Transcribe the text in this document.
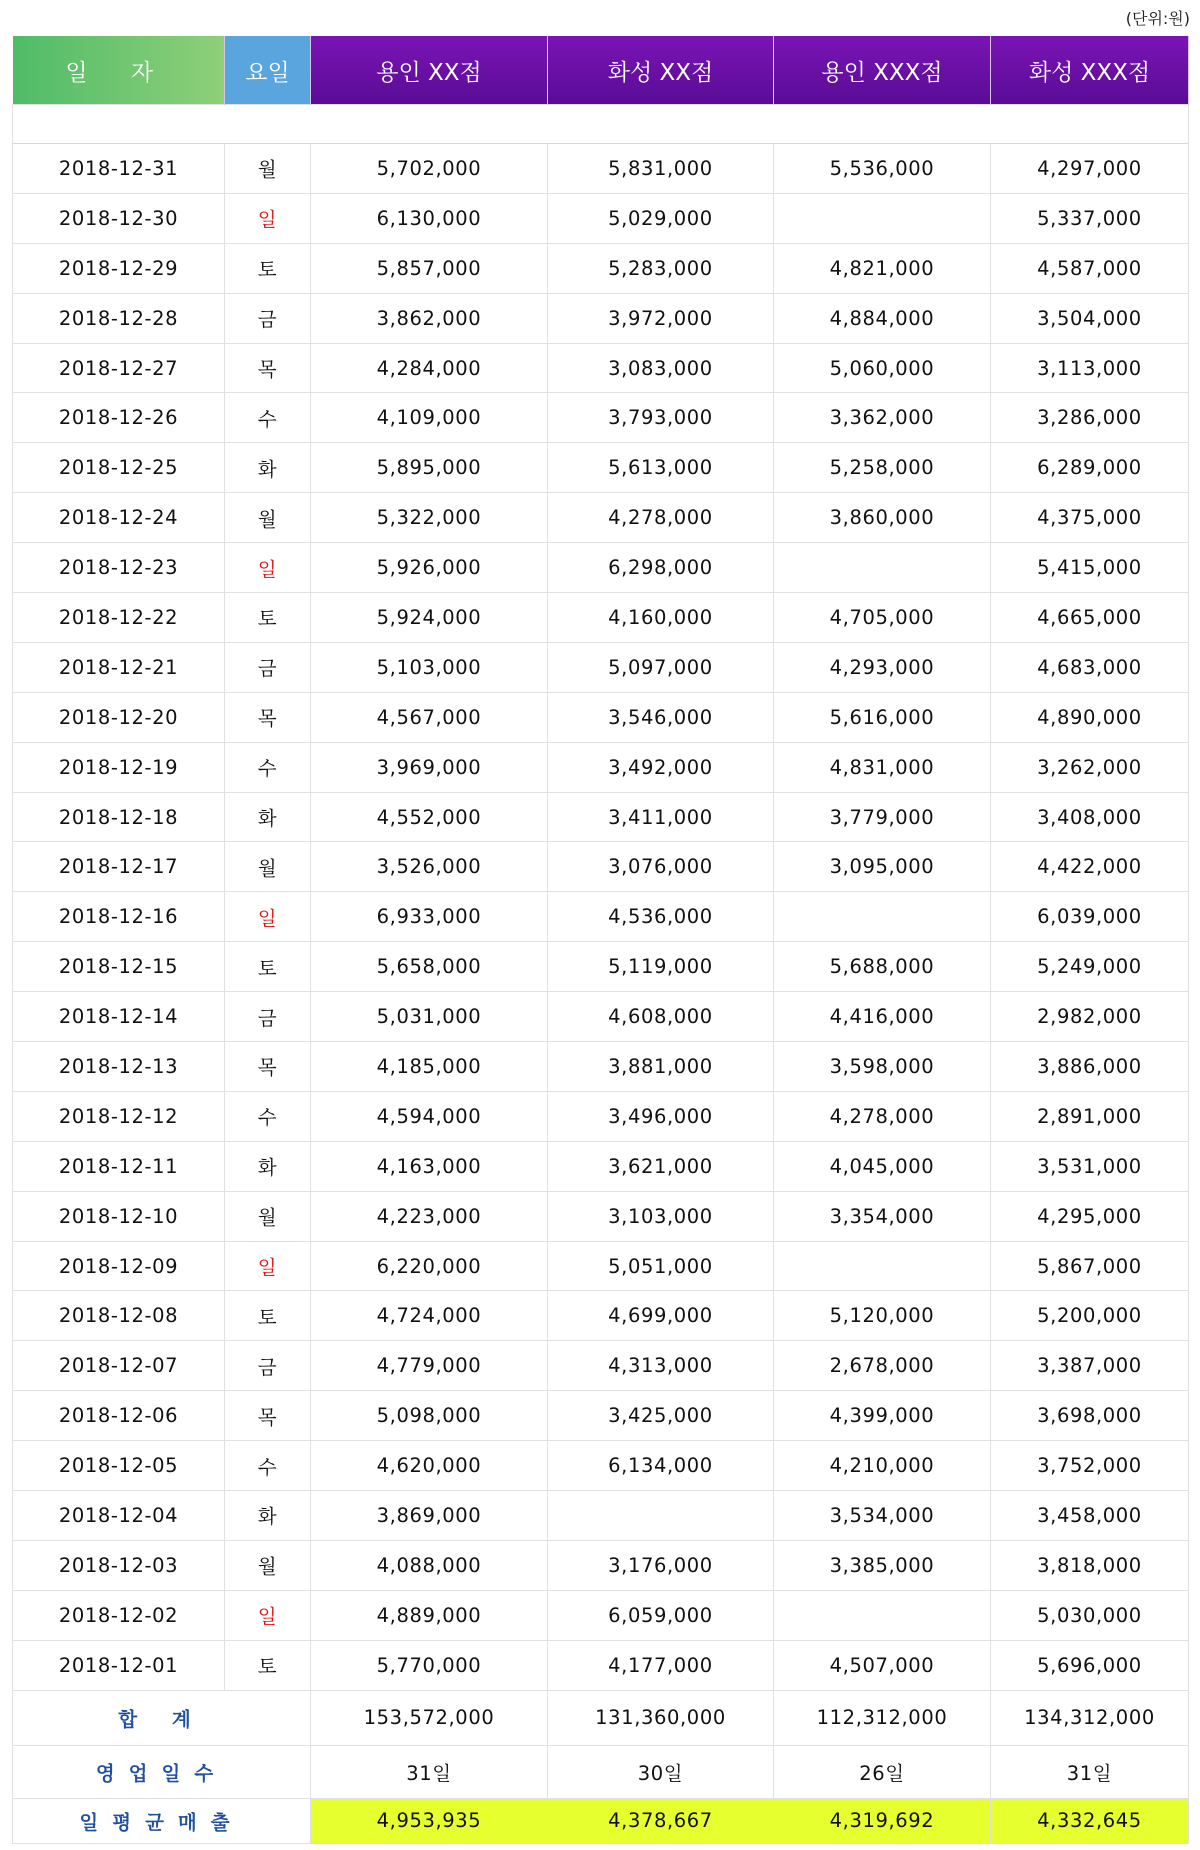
(단위:원)
일 자	요일	용인 XX점	화성 XX점	용인 XXX점	화성 XXX점

2018-12-31	월	5,702,000	5,831,000	5,536,000	4,297,000
2018-12-30	일	6,130,000	5,029,000		5,337,000
2018-12-29	토	5,857,000	5,283,000	4,821,000	4,587,000
2018-12-28	금	3,862,000	3,972,000	4,884,000	3,504,000
2018-12-27	목	4,284,000	3,083,000	5,060,000	3,113,000
2018-12-26	수	4,109,000	3,793,000	3,362,000	3,286,000
2018-12-25	화	5,895,000	5,613,000	5,258,000	6,289,000
2018-12-24	월	5,322,000	4,278,000	3,860,000	4,375,000
2018-12-23	일	5,926,000	6,298,000		5,415,000
2018-12-22	토	5,924,000	4,160,000	4,705,000	4,665,000
2018-12-21	금	5,103,000	5,097,000	4,293,000	4,683,000
2018-12-20	목	4,567,000	3,546,000	5,616,000	4,890,000
2018-12-19	수	3,969,000	3,492,000	4,831,000	3,262,000
2018-12-18	화	4,552,000	3,411,000	3,779,000	3,408,000
2018-12-17	월	3,526,000	3,076,000	3,095,000	4,422,000
2018-12-16	일	6,933,000	4,536,000		6,039,000
2018-12-15	토	5,658,000	5,119,000	5,688,000	5,249,000
2018-12-14	금	5,031,000	4,608,000	4,416,000	2,982,000
2018-12-13	목	4,185,000	3,881,000	3,598,000	3,886,000
2018-12-12	수	4,594,000	3,496,000	4,278,000	2,891,000
2018-12-11	화	4,163,000	3,621,000	4,045,000	3,531,000
2018-12-10	월	4,223,000	3,103,000	3,354,000	4,295,000
2018-12-09	일	6,220,000	5,051,000		5,867,000
2018-12-08	토	4,724,000	4,699,000	5,120,000	5,200,000
2018-12-07	금	4,779,000	4,313,000	2,678,000	3,387,000
2018-12-06	목	5,098,000	3,425,000	4,399,000	3,698,000
2018-12-05	수	4,620,000	6,134,000	4,210,000	3,752,000
2018-12-04	화	3,869,000		3,534,000	3,458,000
2018-12-03	월	4,088,000	3,176,000	3,385,000	3,818,000
2018-12-02	일	4,889,000	6,059,000		5,030,000
2018-12-01	토	5,770,000	4,177,000	4,507,000	5,696,000
합 계		153,572,000	131,360,000	112,312,000	134,312,000
영업일수		31일	30일	26일	31일
일평균매출		4,953,935	4,378,667	4,319,692	4,332,645
